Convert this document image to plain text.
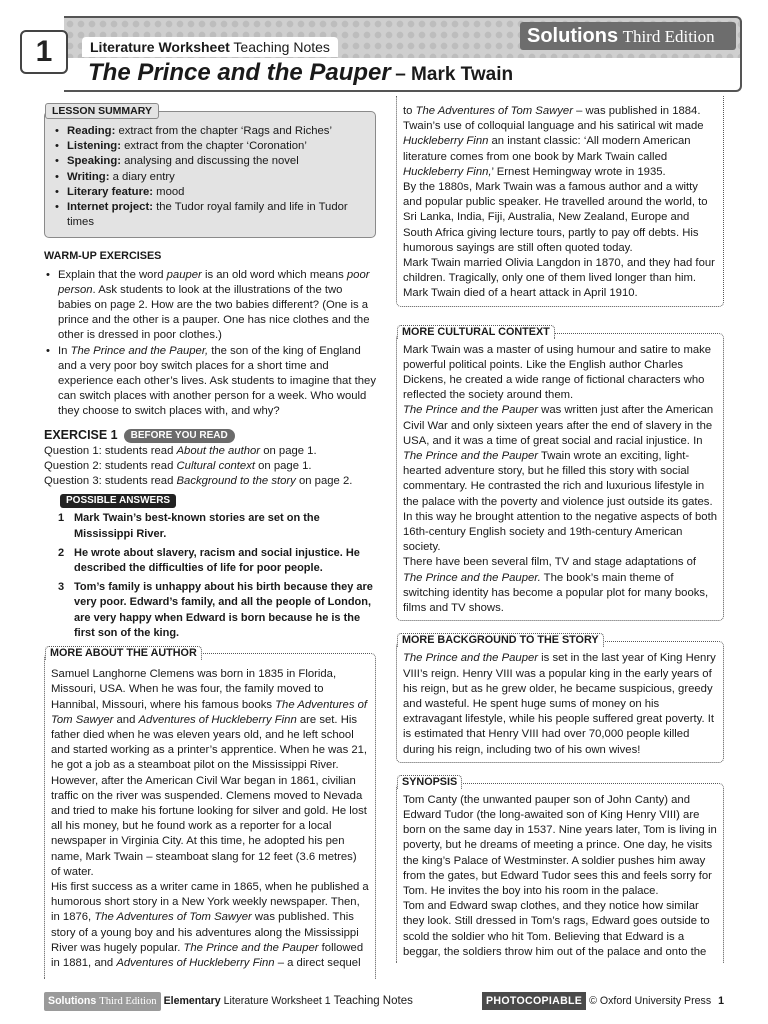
1	Solutions Third Edition
Literature Worksheet Teaching Notes
The Prince and the Pauper – Mark Twain
LESSON SUMMARY
• Reading: extract from the chapter ‘Rags and Riches’
• Listening: extract from the chapter ‘Coronation’
• Speaking: analysing and discussing the novel
• Writing: a diary entry
• Literary feature: mood
• Internet project: the Tudor royal family and life in Tudor times
WARM-UP EXERCISES
• Explain that the word pauper is an old word which means poor person. Ask students to look at the illustrations of the two babies on page 2. How are the two babies different? (One is a prince and the other is a pauper. One has nice clothes and the other is dressed in poor clothes.)
• In The Prince and the Pauper, the son of the king of England and a very poor boy switch places for a short time and experience each other’s lives. Ask students to imagine that they can switch places with another person for a week. Who would they choose to switch places with, and why?
EXERCISE 1 BEFORE YOU READ
Question 1: students read About the author on page 1.
Question 2: students read Cultural context on page 1.
Question 3: students read Background to the story on page 2.
POSSIBLE ANSWERS
1 Mark Twain’s best-known stories are set on the Mississippi River.
2 He wrote about slavery, racism and social injustice. He described the difficulties of life for poor people.
3 Tom’s family is unhappy about his birth because they are very poor. Edward’s family, and all the people of London, are very happy when Edward is born because he is the first son of the king.
MORE ABOUT THE AUTHOR
Samuel Langhorne Clemens was born in 1835 in Florida, Missouri, USA. When he was four, the family moved to Hannibal, Missouri, where his famous books The Adventures of Tom Sawyer and Adventures of Huckleberry Finn are set. His father died when he was eleven years old, and he left school and started working as a printer’s apprentice. When he was 21, he got a job as a steamboat pilot on the Mississippi River. However, after the American Civil War began in 1861, civilian traffic on the river was suspended. Clemens moved to Nevada and tried to make his fortune looking for silver and gold. He lost all his money, but he found work as a reporter for a local newspaper in Virginia City. At this time, he adopted his pen name, Mark Twain – steamboat slang for 12 feet (3.6 metres) of water.
His first success as a writer came in 1865, when he published a humorous short story in a New York weekly newspaper. Then, in 1876, The Adventures of Tom Sawyer was published. This story of a young boy and his adventures along the Mississippi River was hugely popular. The Prince and the Pauper followed in 1881, and Adventures of Huckleberry Finn – a direct sequel
to The Adventures of Tom Sawyer – was published in 1884. Twain’s use of colloquial language and his satirical wit made Huckleberry Finn an instant classic: ‘All modern American literature comes from one book by Mark Twain called Huckleberry Finn,’ Ernest Hemingway wrote in 1935.
By the 1880s, Mark Twain was a famous author and a witty and popular public speaker. He travelled around the world, to Sri Lanka, India, Fiji, Australia, New Zealand, Europe and South Africa giving lecture tours, partly to pay off debts. His humorous sayings are still often quoted today.
Mark Twain married Olivia Langdon in 1870, and they had four children. Tragically, only one of them lived longer than him. Mark Twain died of a heart attack in April 1910.
MORE CULTURAL CONTEXT
Mark Twain was a master of using humour and satire to make powerful political points. Like the English author Charles Dickens, he created a wide range of fictional characters who reflected the society around them.
The Prince and the Pauper was written just after the American Civil War and only sixteen years after the end of slavery in the USA, and it was a time of great social and racial injustice. In The Prince and the Pauper Twain wrote an exciting, light-hearted adventure story, but he filled this story with social commentary. He contrasted the rich and luxurious lifestyle in the palace with the poverty and violence just outside its gates. In this way he brought attention to the negative aspects of both 16th-century English society and 19th-century American society.
There have been several film, TV and stage adaptations of The Prince and the Pauper. The book’s main theme of switching identity has become a popular plot for many books, films and TV shows.
MORE BACKGROUND TO THE STORY
The Prince and the Pauper is set in the last year of King Henry VIII’s reign. Henry VIII was a popular king in the early years of his reign, but as he grew older, he became suspicious, greedy and wasteful. He spent huge sums of money on his extravagant lifestyle, while his people suffered great poverty. It is estimated that Henry VIII had over 70,000 people killed during his reign, including two of his own wives!
SYNOPSIS
Tom Canty (the unwanted pauper son of John Canty) and Edward Tudor (the long-awaited son of King Henry VIII) are born on the same day in 1537. Nine years later, Tom is living in poverty, but he dreams of meeting a prince. One day, he visits the king’s Palace of Westminster. A soldier pushes him away from the gates, but Edward Tudor sees this and feels sorry for Tom. He invites the boy into his room in the palace.
Tom and Edward swap clothes, and they notice how similar they look. Still dressed in Tom’s rags, Edward goes outside to scold the soldier who hit Tom. Believing that Edward is a beggar, the soldiers throw him out of the palace and onto the
Solutions Third Edition Elementary Literature Worksheet 1 Teaching Notes	PHOTOCOPIABLE © Oxford University Press 1
